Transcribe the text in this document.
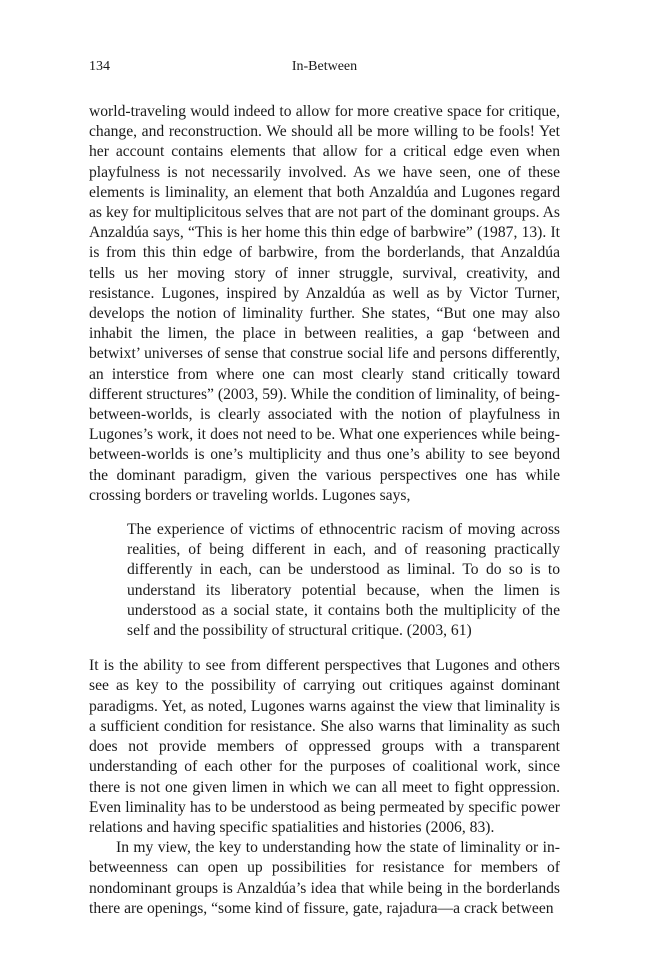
134	In-Between

world-traveling would indeed to allow for more creative space for critique, change, and reconstruction. We should all be more willing to be fools! Yet her account contains elements that allow for a critical edge even when playfulness is not necessarily involved. As we have seen, one of these elements is liminality, an element that both Anzaldúa and Lugones regard as key for multiplicitous selves that are not part of the dominant groups. As Anzaldúa says, “This is her home this thin edge of barbwire” (1987, 13). It is from this thin edge of barbwire, from the borderlands, that Anzaldúa tells us her moving story of inner struggle, survival, creativity, and resistance. Lugones, inspired by Anzaldúa as well as by Victor Turner, develops the notion of liminality further. She states, “But one may also inhabit the limen, the place in between realities, a gap ‘between and betwixt’ universes of sense that construe social life and persons differently, an interstice from where one can most clearly stand critically toward different structures” (2003, 59). While the condition of liminality, of being-between-worlds, is clearly associated with the notion of playfulness in Lugones’s work, it does not need to be. What one experiences while being-between-worlds is one’s multiplicity and thus one’s ability to see beyond the dominant paradigm, given the various perspectives one has while crossing borders or traveling worlds. Lugones says,

The experience of victims of ethnocentric racism of moving across realities, of being different in each, and of reasoning practically differently in each, can be understood as liminal. To do so is to understand its liberatory potential because, when the limen is understood as a social state, it contains both the multiplicity of the self and the possibility of structural critique. (2003, 61)

It is the ability to see from different perspectives that Lugones and others see as key to the possibility of carrying out critiques against dominant paradigms. Yet, as noted, Lugones warns against the view that liminality is a sufficient condition for resistance. She also warns that liminality as such does not provide members of oppressed groups with a transparent understanding of each other for the purposes of coalitional work, since there is not one given limen in which we can all meet to fight oppression. Even liminality has to be understood as being permeated by specific power relations and having specific spatialities and histories (2006, 83).

In my view, the key to understanding how the state of liminality or in-betweenness can open up possibilities for resistance for members of nondominant groups is Anzaldúa’s idea that while being in the borderlands there are openings, “some kind of fissure, gate, rajadura—a crack between
